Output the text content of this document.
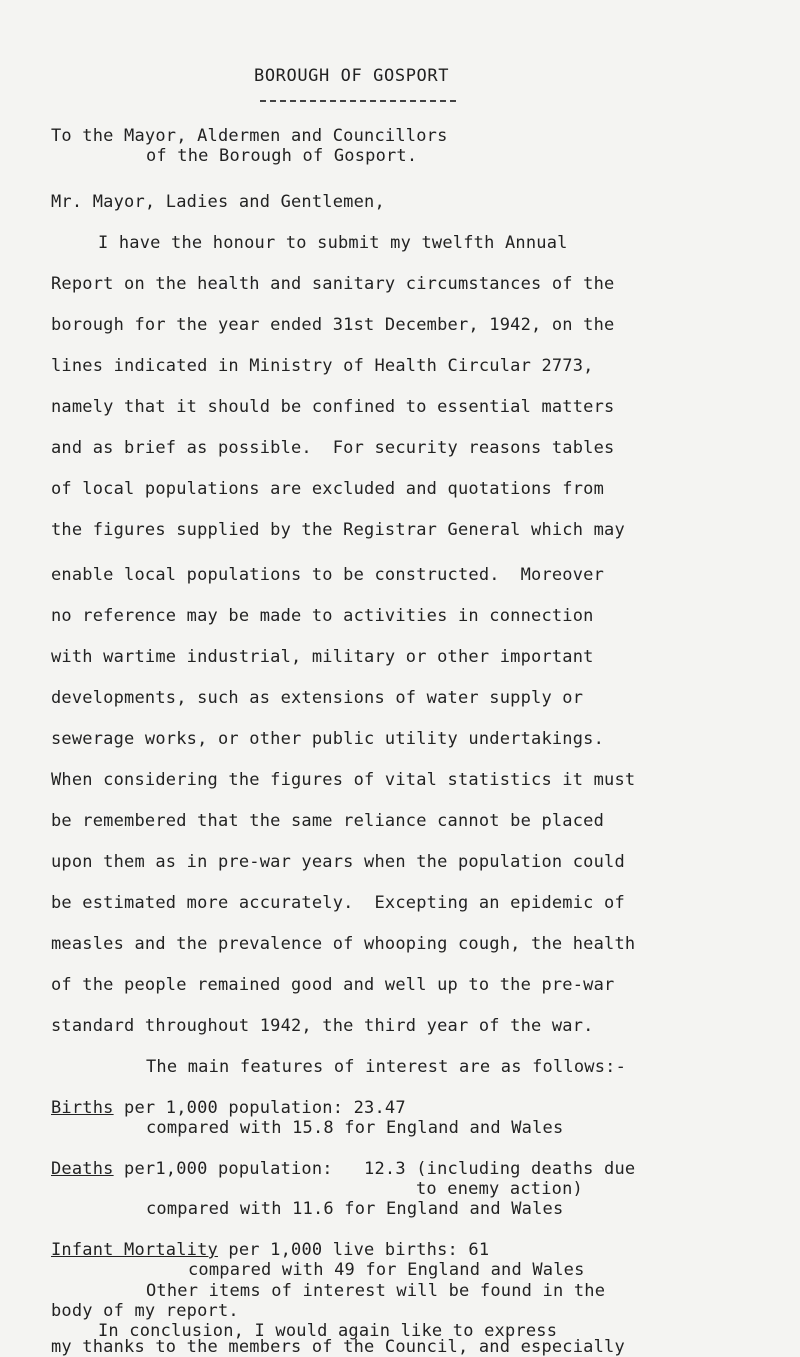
BOROUGH OF GOSPORT
To the Mayor, Aldermen and Councillors
of the Borough of Gosport.
Mr. Mayor, Ladies and Gentlemen,
I have the honour to submit my twelfth Annual
Report on the health and sanitary circumstances of the
borough for the year ended 31st December, 1942, on the
lines indicated in Ministry of Health Circular 2773,
namely that it should be confined to essential matters
and as brief as possible.  For security reasons tables
of local populations are excluded and quotations from
the figures supplied by the Registrar General which may
enable local populations to be constructed.  Moreover
no reference may be made to activities in connection
with wartime industrial, military or other important
developments, such as extensions of water supply or
sewerage works, or other public utility undertakings.
When considering the figures of vital statistics it must
be remembered that the same reliance cannot be placed
upon them as in pre-war years when the population could
be estimated more accurately.  Excepting an epidemic of
measles and the prevalence of whooping cough, the health
of the people remained good and well up to the pre-war
standard throughout 1942, the third year of the war.
The main features of interest are as follows:-
Births per 1,000 population: 23.47
compared with 15.8 for England and Wales
Deaths per1,000 population:   12.3 (including deaths due
to enemy action)
compared with 11.6 for England and Wales
Infant Mortality per 1,000 live births: 61
compared with 49 for England and Wales
Other items of interest will be found in the
body of my report.
In conclusion, I would again like to express
my thanks to the members of the Council, and especially
